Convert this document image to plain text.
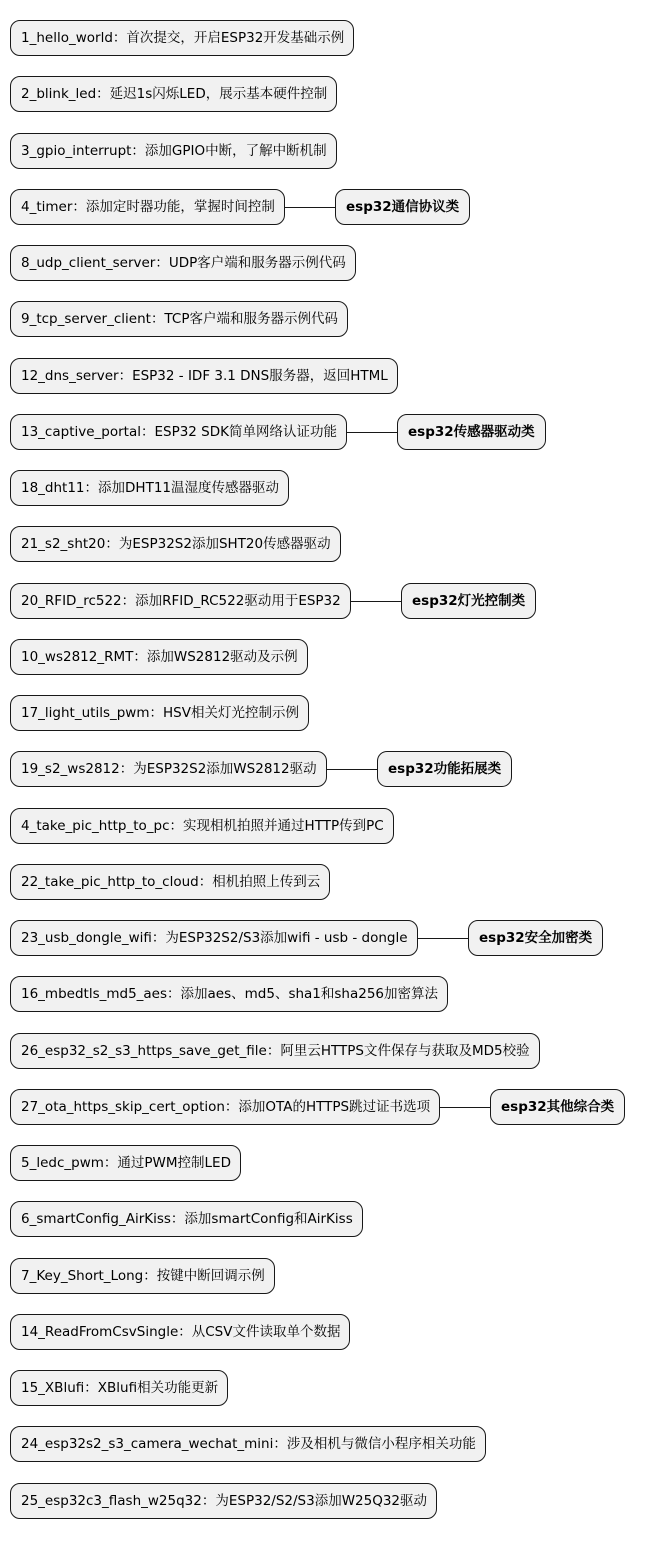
1_hello_world：首次提交，开启ESP32开发基础示例
2_blink_led：延迟1s闪烁LED，展示基本硬件控制
3_gpio_interrupt：添加GPIO中断，了解中断机制
4_timer：添加定时器功能，掌握时间控制
8_udp_client_server：UDP客户端和服务器示例代码
9_tcp_server_client：TCP客户端和服务器示例代码
12_dns_server：ESP32 - IDF 3.1 DNS服务器，返回HTML
13_captive_portal：ESP32 SDK简单网络认证功能
18_dht11：添加DHT11温湿度传感器驱动
21_s2_sht20：为ESP32S2添加SHT20传感器驱动
20_RFID_rc522：添加RFID_RC522驱动用于ESP32
10_ws2812_RMT：添加WS2812驱动及示例
17_light_utils_pwm：HSV相关灯光控制示例
19_s2_ws2812：为ESP32S2添加WS2812驱动
4_take_pic_http_to_pc：实现相机拍照并通过HTTP传到PC
22_take_pic_http_to_cloud：相机拍照上传到云
23_usb_dongle_wifi：为ESP32S2/S3添加wifi - usb - dongle
16_mbedtls_md5_aes：添加aes、md5、sha1和sha256加密算法
26_esp32_s2_s3_https_save_get_file：阿里云HTTPS文件保存与获取及MD5校验
27_ota_https_skip_cert_option：添加OTA的HTTPS跳过证书选项
5_ledc_pwm：通过PWM控制LED
6_smartConfig_AirKiss：添加smartConfig和AirKiss
7_Key_Short_Long：按键中断回调示例
14_ReadFromCsvSingle：从CSV文件读取单个数据
15_XBlufi：XBlufi相关功能更新
24_esp32s2_s3_camera_wechat_mini：涉及相机与微信小程序相关功能
25_esp32c3_flash_w25q32：为ESP32/S2/S3添加W25Q32驱动
esp32通信协议类
esp32传感器驱动类
esp32灯光控制类
esp32功能拓展类
esp32安全加密类
esp32其他综合类
